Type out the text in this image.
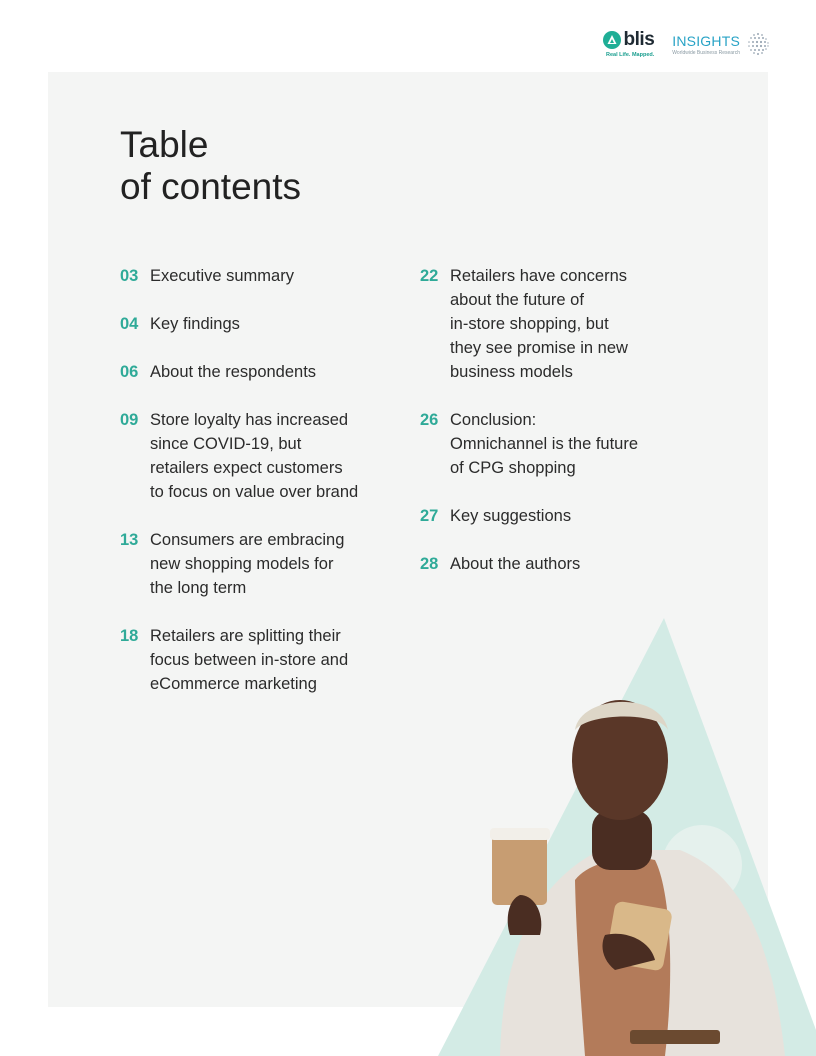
blis
Real Life. Mapped.
INSIGHTS
Worldwide Business Research
Table
of contents
03 Executive summary
04 Key findings
06 About the respondents
09 Store loyalty has increased
since COVID-19, but
retailers expect customers
to focus on value over brand
13 Consumers are embracing
new shopping models for
the long term
18 Retailers are splitting their
focus between in-store and
eCommerce marketing
22 Retailers have concerns
about the future of
in-store shopping, but
they see promise in new
business models
26 Conclusion:
Omnichannel is the future
of CPG shopping
27 Key suggestions
28 About the authors
